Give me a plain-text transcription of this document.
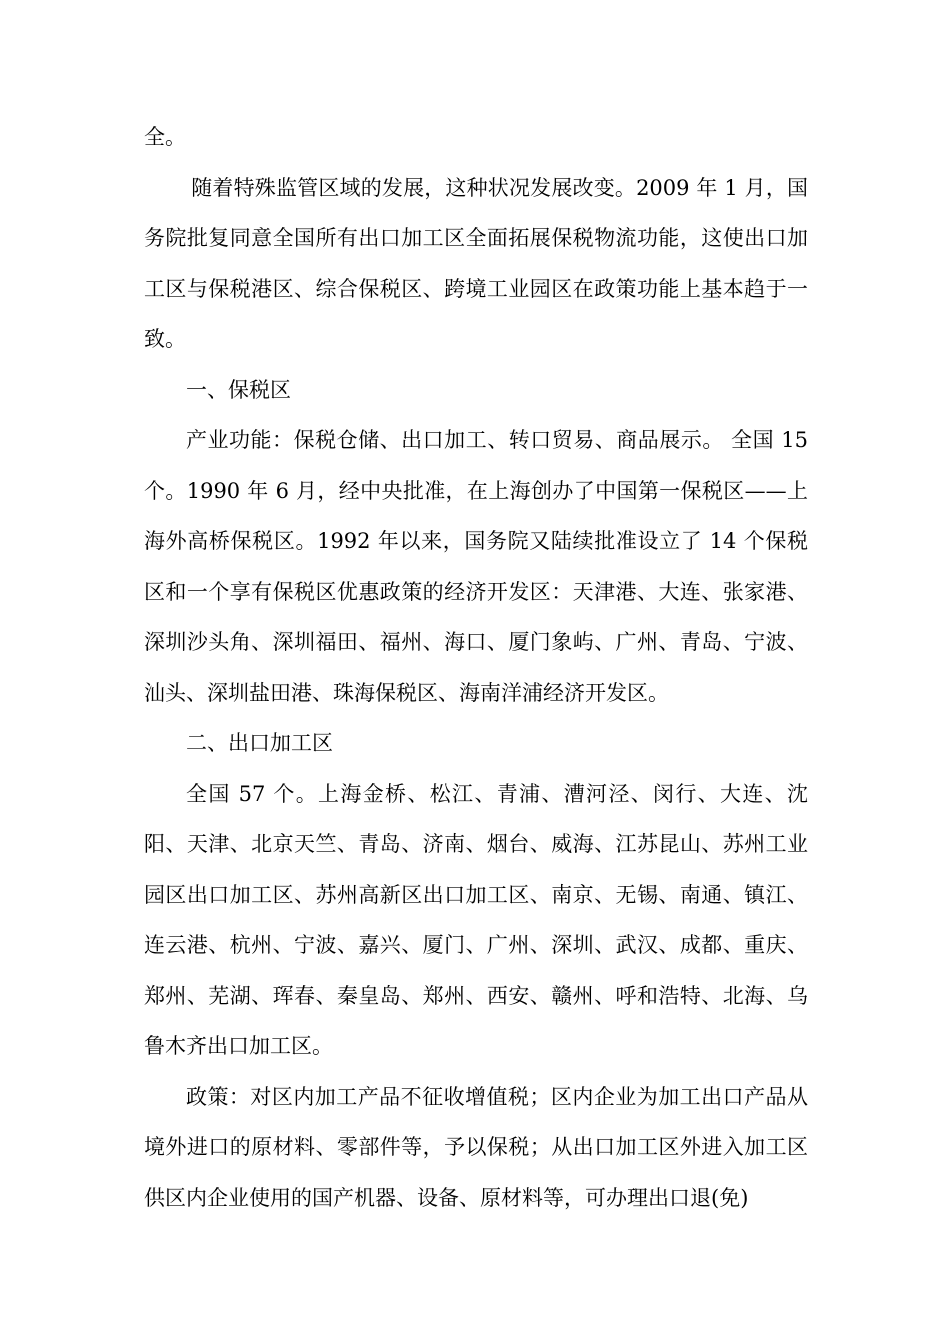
全。

随着特殊监管区域的发展，这种状况发展改变。2009 年 1 月，国务院批复同意全国所有出口加工区全面拓展保税物流功能，这使出口加工区与保税港区、综合保税区、跨境工业园区在政策功能上基本趋于一致。

一、保税区

产业功能：保税仓储、出口加工、转口贸易、商品展示。 全国 15 个。1990 年 6 月，经中央批准，在上海创办了中国第一保税区——上海外高桥保税区。1992 年以来，国务院又陆续批准设立了 14 个保税区和一个享有保税区优惠政策的经济开发区：天津港、大连、张家港、深圳沙头角、深圳福田、福州、海口、厦门象屿、广州、青岛、宁波、汕头、深圳盐田港、珠海保税区、海南洋浦经济开发区。

二、出口加工区

全国 57 个。上海金桥、松江、青浦、漕河泾、闵行、大连、沈阳、天津、北京天竺、青岛、济南、烟台、威海、江苏昆山、苏州工业园区出口加工区、苏州高新区出口加工区、南京、无锡、南通、镇江、连云港、杭州、宁波、嘉兴、厦门、广州、深圳、武汉、成都、重庆、郑州、芜湖、珲春、秦皇岛、郑州、西安、赣州、呼和浩特、北海、乌鲁木齐出口加工区。

政策：对区内加工产品不征收增值税；区内企业为加工出口产品从境外进口的原材料、零部件等，予以保税；从出口加工区外进入加工区供区内企业使用的国产机器、设备、原材料等，可办理出口退(免)
